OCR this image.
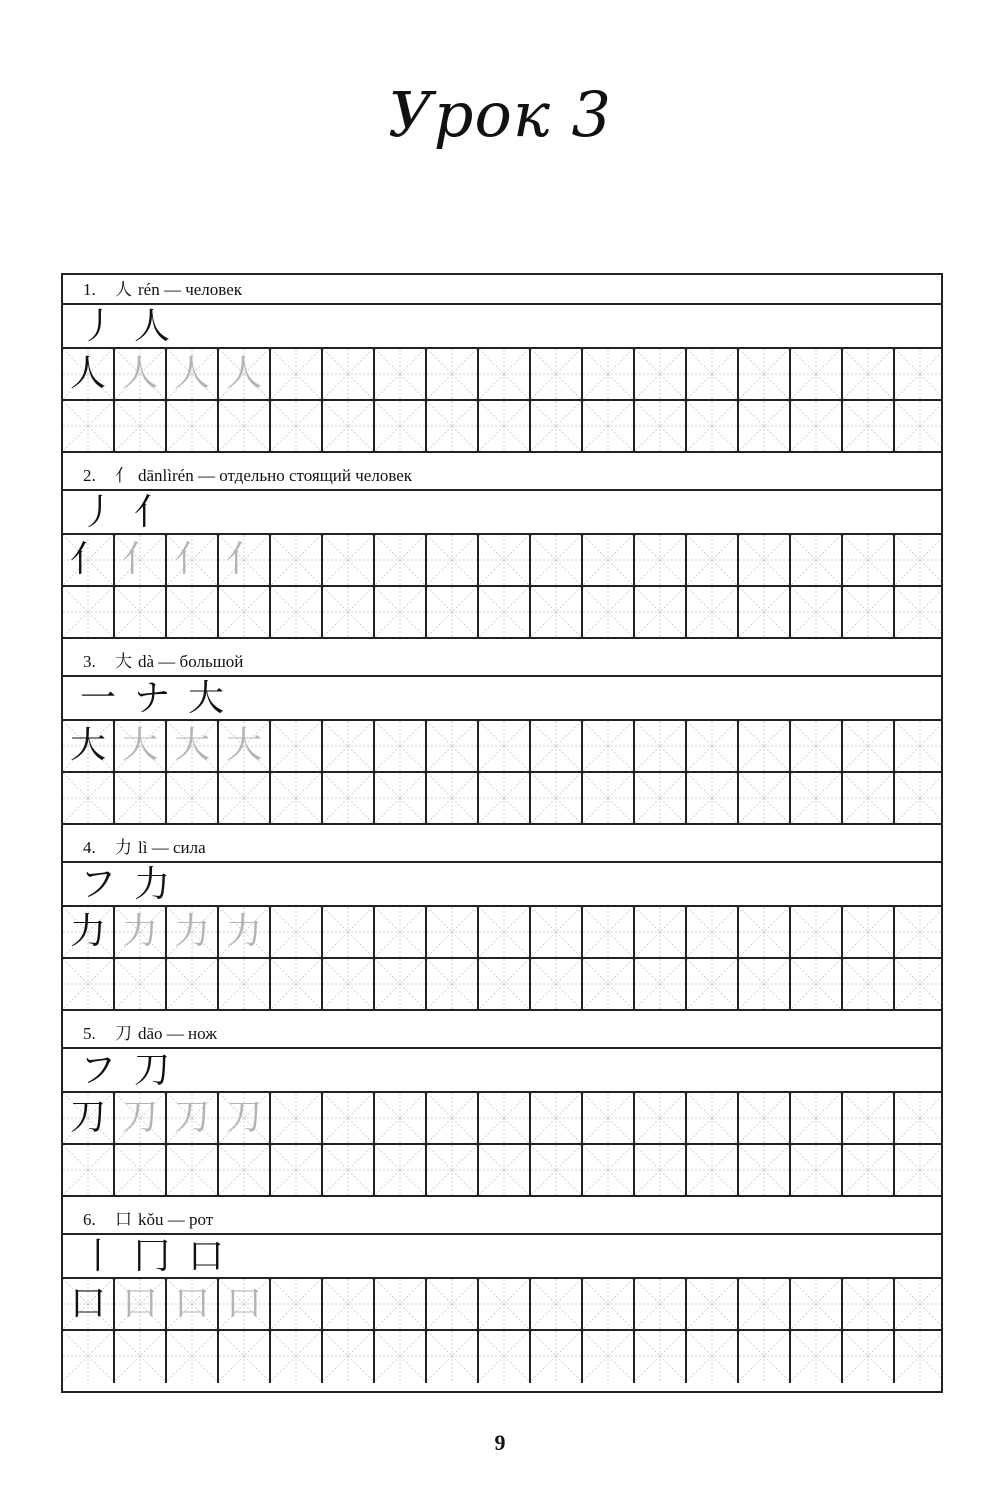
Урок 3
1. 人 rén — человек
丿 人
人 人 人 人
2. 亻 dānlìrén — отдельно стоящий человек
丿 亻
亻 亻 亻 亻
3. 大 dà — большой
一 ナ 大
大 大 大 大
4. 力 lì — сила
フ 力
力 力 力 力
5. 刀 dāo — нож
フ 刀
刀 刀 刀 刀
6. 口 kǒu — рот
丨 冂 口
口 口 口 口
9
